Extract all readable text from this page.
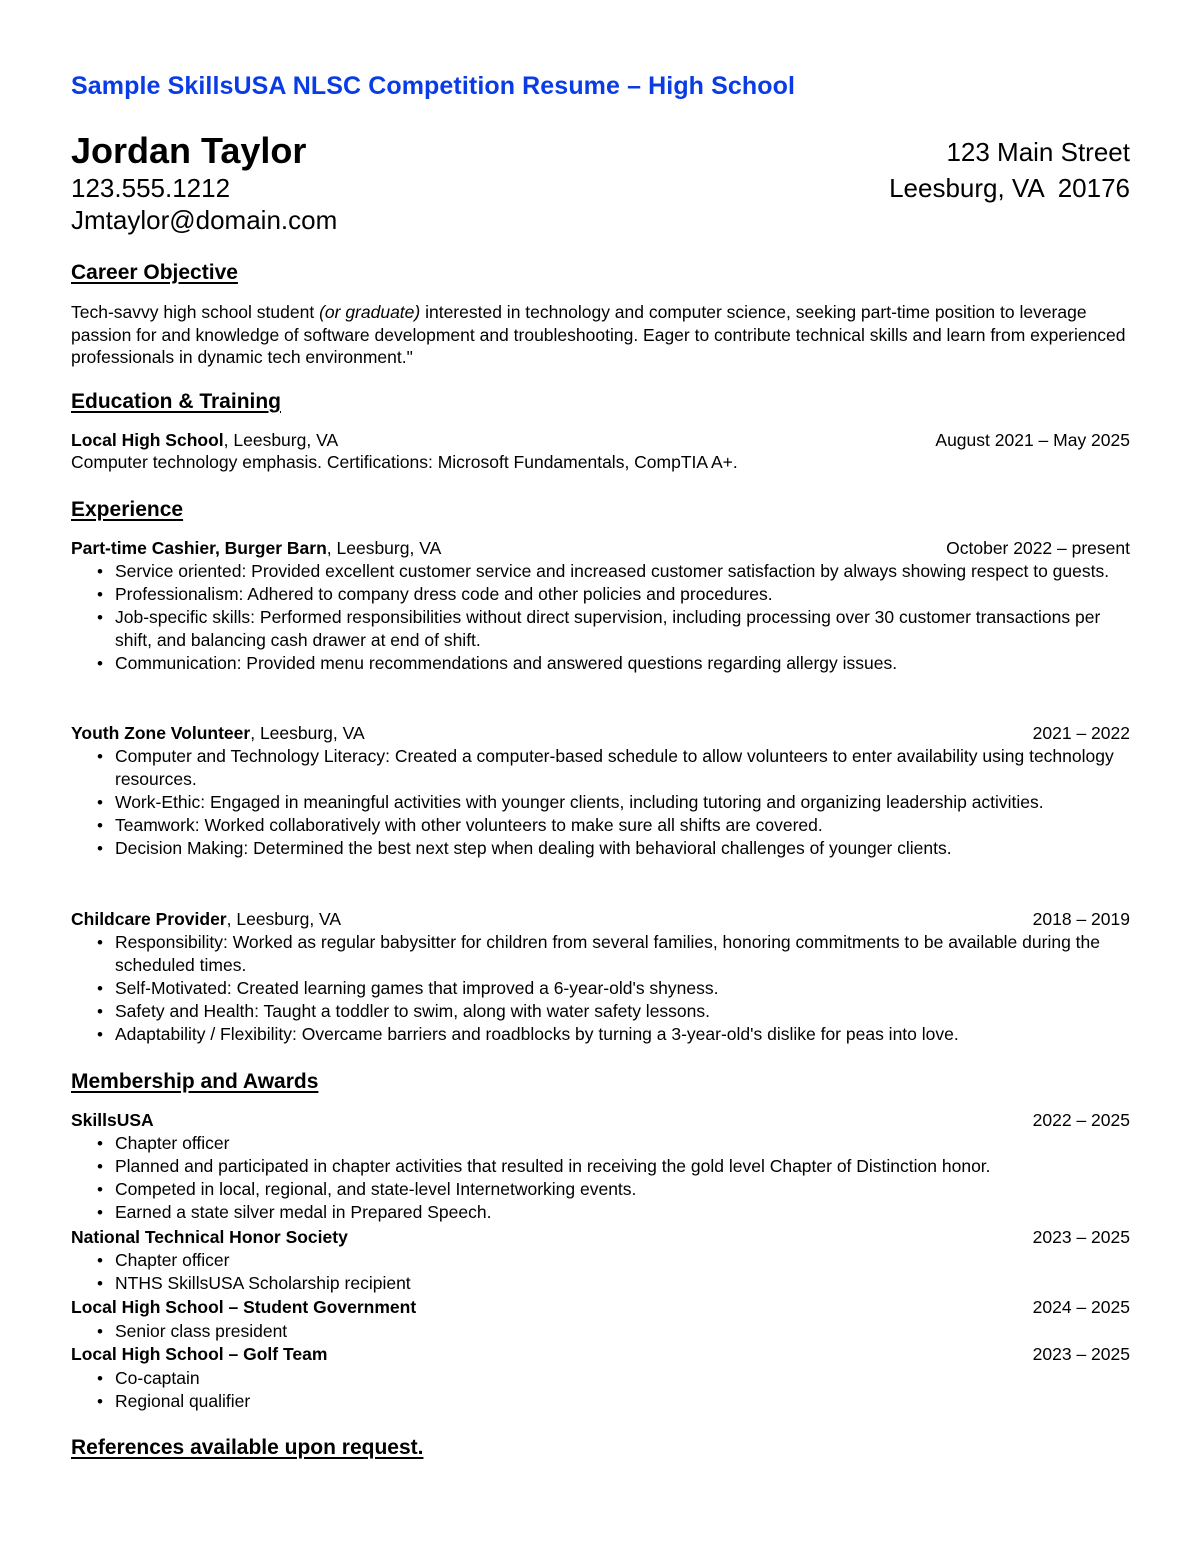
Sample SkillsUSA NLSC Competition Resume – High School
Jordan Taylor
123.555.1212
Jmtaylor@domain.com
123 Main Street
Leesburg, VA  20176
Career Objective
Tech-savvy high school student (or graduate) interested in technology and computer science, seeking part-time position to leverage passion for and knowledge of software development and troubleshooting. Eager to contribute technical skills and learn from experienced professionals in dynamic tech environment."
Education & Training
Local High School, Leesburg, VA	August 2021 – May 2025
Computer technology emphasis. Certifications: Microsoft Fundamentals, CompTIA A+.
Experience
Part-time Cashier, Burger Barn, Leesburg, VA	October 2022 – present
• Service oriented: Provided excellent customer service and increased customer satisfaction by always showing respect to guests.
• Professionalism: Adhered to company dress code and other policies and procedures.
• Job-specific skills: Performed responsibilities without direct supervision, including processing over 30 customer transactions per shift, and balancing cash drawer at end of shift.
• Communication: Provided menu recommendations and answered questions regarding allergy issues.
Youth Zone Volunteer, Leesburg, VA	2021 – 2022
• Computer and Technology Literacy: Created a computer-based schedule to allow volunteers to enter availability using technology resources.
• Work-Ethic: Engaged in meaningful activities with younger clients, including tutoring and organizing leadership activities.
• Teamwork: Worked collaboratively with other volunteers to make sure all shifts are covered.
• Decision Making: Determined the best next step when dealing with behavioral challenges of younger clients.
Childcare Provider, Leesburg, VA	2018 – 2019
• Responsibility: Worked as regular babysitter for children from several families, honoring commitments to be available during the scheduled times.
• Self-Motivated: Created learning games that improved a 6-year-old's shyness.
• Safety and Health: Taught a toddler to swim, along with water safety lessons.
• Adaptability / Flexibility: Overcame barriers and roadblocks by turning a 3-year-old's dislike for peas into love.
Membership and Awards
SkillsUSA	2022 – 2025
• Chapter officer
• Planned and participated in chapter activities that resulted in receiving the gold level Chapter of Distinction honor.
• Competed in local, regional, and state-level Internetworking events.
• Earned a state silver medal in Prepared Speech.
National Technical Honor Society	2023 – 2025
• Chapter officer
• NTHS SkillsUSA Scholarship recipient
Local High School – Student Government	2024 – 2025
• Senior class president
Local High School – Golf Team	2023 – 2025
• Co-captain
• Regional qualifier
References available upon request.
